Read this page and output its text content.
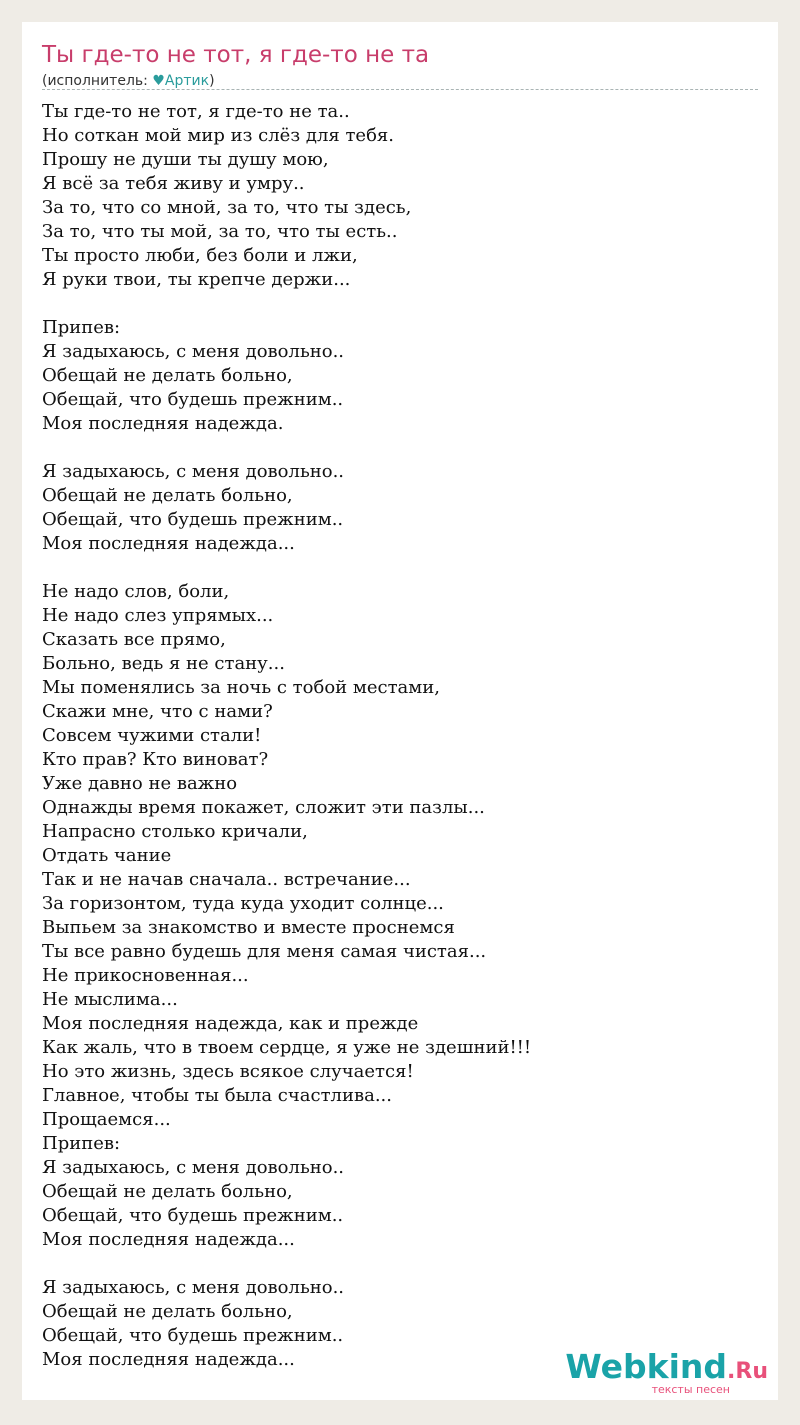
Ты где-то не тот, я где-то не та
(исполнитель: ♥Артик)
Ты где-то не тот, я где-то не та..
Но соткан мой мир из слёз для тебя.
Прошу не души ты душу мою,
Я всё за тебя живу и умру..
За то, что со мной, за то, что ты здесь,
За то, что ты мой, за то, что ты есть..
Ты просто люби, без боли и лжи,
Я руки твои, ты крепче держи...

Припев:
Я задыхаюсь, с меня довольно..
Обещай не делать больно,
Обещай, что будешь прежним..
Моя последняя надежда.

Я задыхаюсь, с меня довольно..
Обещай не делать больно,
Обещай, что будешь прежним..
Моя последняя надежда...

Не надо слов, боли,
Не надо слез упрямых...
Сказать все прямо,
Больно, ведь я не стану...
Мы поменялись за ночь с тобой местами,
Скажи мне, что с нами?
Совсем чужими стали!
Кто прав? Кто виноват?
Уже давно не важно
Однажды время покажет, сложит эти пазлы...
Напрасно столько кричали,
Отдать чание
Так и не начав сначала.. встречание...
За горизонтом, туда куда уходит солнце...
Выпьем за знакомство и вместе проснемся
Ты все равно будешь для меня самая чистая...
Не прикосновенная...
Не мыслима...
Моя последняя надежда, как и прежде
Как жаль, что в твоем сердце, я уже не здешний!!!
Но это жизнь, здесь всякое случается!
Главное, чтобы ты была счастлива...
Прощаемся...
Припев:
Я задыхаюсь, с меня довольно..
Обещай не делать больно,
Обещай, что будешь прежним..
Моя последняя надежда...

Я задыхаюсь, с меня довольно..
Обещай не делать больно,
Обещай, что будешь прежним..
Моя последняя надежда...	Webkind.Ru
тексты песен
